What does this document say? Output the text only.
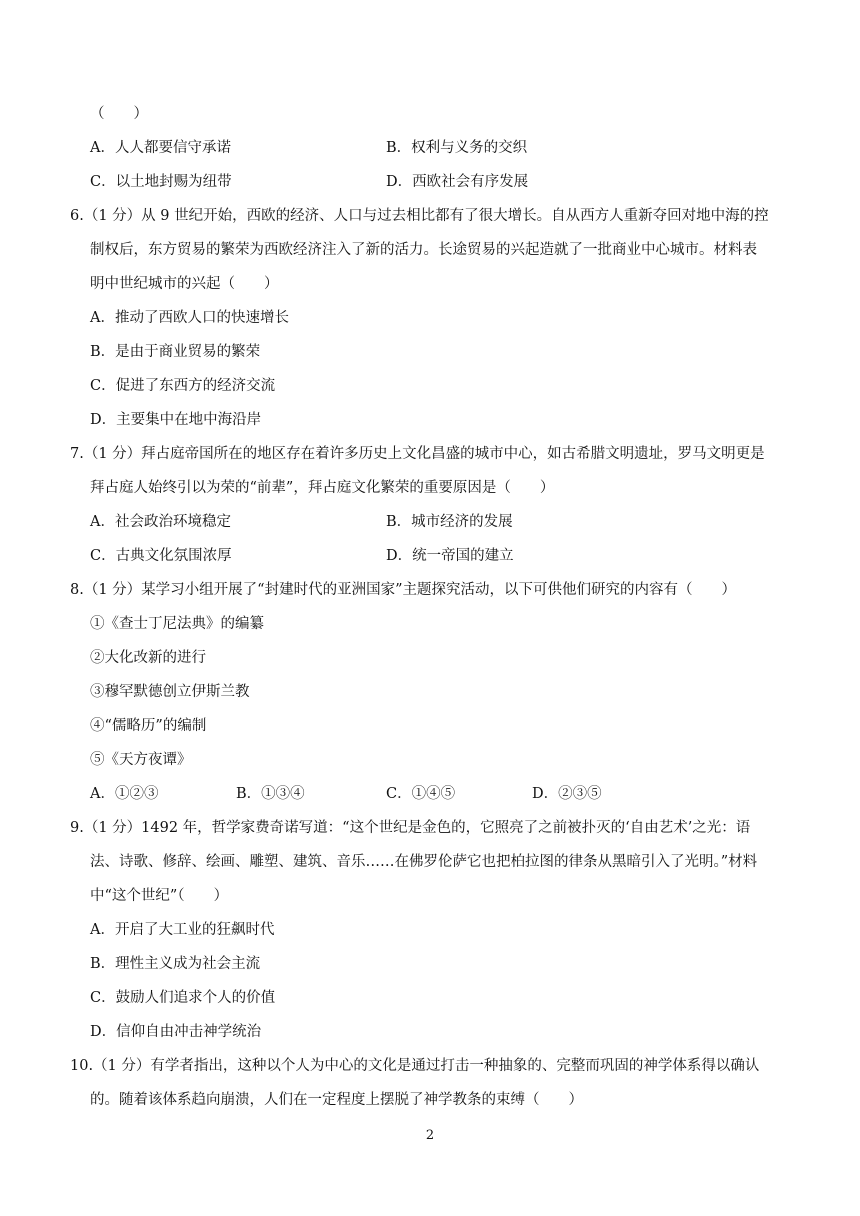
（　　）
A．人人都要信守承诺	B．权利与义务的交织
C．以土地封赐为纽带	D．西欧社会有序发展
6.（1 分）从 9 世纪开始，西欧的经济、人口与过去相比都有了很大增长。自从西方人重新夺回对地中海的控
制权后，东方贸易的繁荣为西欧经济注入了新的活力。长途贸易的兴起造就了一批商业中心城市。材料表
明中世纪城市的兴起（　　）
A．推动了西欧人口的快速增长
B．是由于商业贸易的繁荣
C．促进了东西方的经济交流
D．主要集中在地中海沿岸
7.（1 分）拜占庭帝国所在的地区存在着许多历史上文化昌盛的城市中心，如古希腊文明遗址，罗马文明更是
拜占庭人始终引以为荣的“前辈”，拜占庭文化繁荣的重要原因是（　　）
A．社会政治环境稳定	B．城市经济的发展
C．古典文化氛围浓厚	D．统一帝国的建立
8.（1 分）某学习小组开展了“封建时代的亚洲国家”主题探究活动，以下可供他们研究的内容有（　　）
①《查士丁尼法典》的编纂
②大化改新的进行
③穆罕默德创立伊斯兰教
④“儒略历”的编制
⑤《天方夜谭》
A．①②③	B．①③④	C．①④⑤	D．②③⑤
9.（1 分）1492 年，哲学家费奇诺写道：“这个世纪是金色的，它照亮了之前被扑灭的‘自由艺术’之光：语
法、诗歌、修辞、绘画、雕塑、建筑、音乐……在佛罗伦萨它也把柏拉图的律条从黑暗引入了光明。”材料
中“这个世纪”（　　）
A．开启了大工业的狂飙时代
B．理性主义成为社会主流
C．鼓励人们追求个人的价值
D．信仰自由冲击神学统治
10.（1 分）有学者指出，这种以个人为中心的文化是通过打击一种抽象的、完整而巩固的神学体系得以确认
的。随着该体系趋向崩溃，人们在一定程度上摆脱了神学教条的束缚（　　）
2
